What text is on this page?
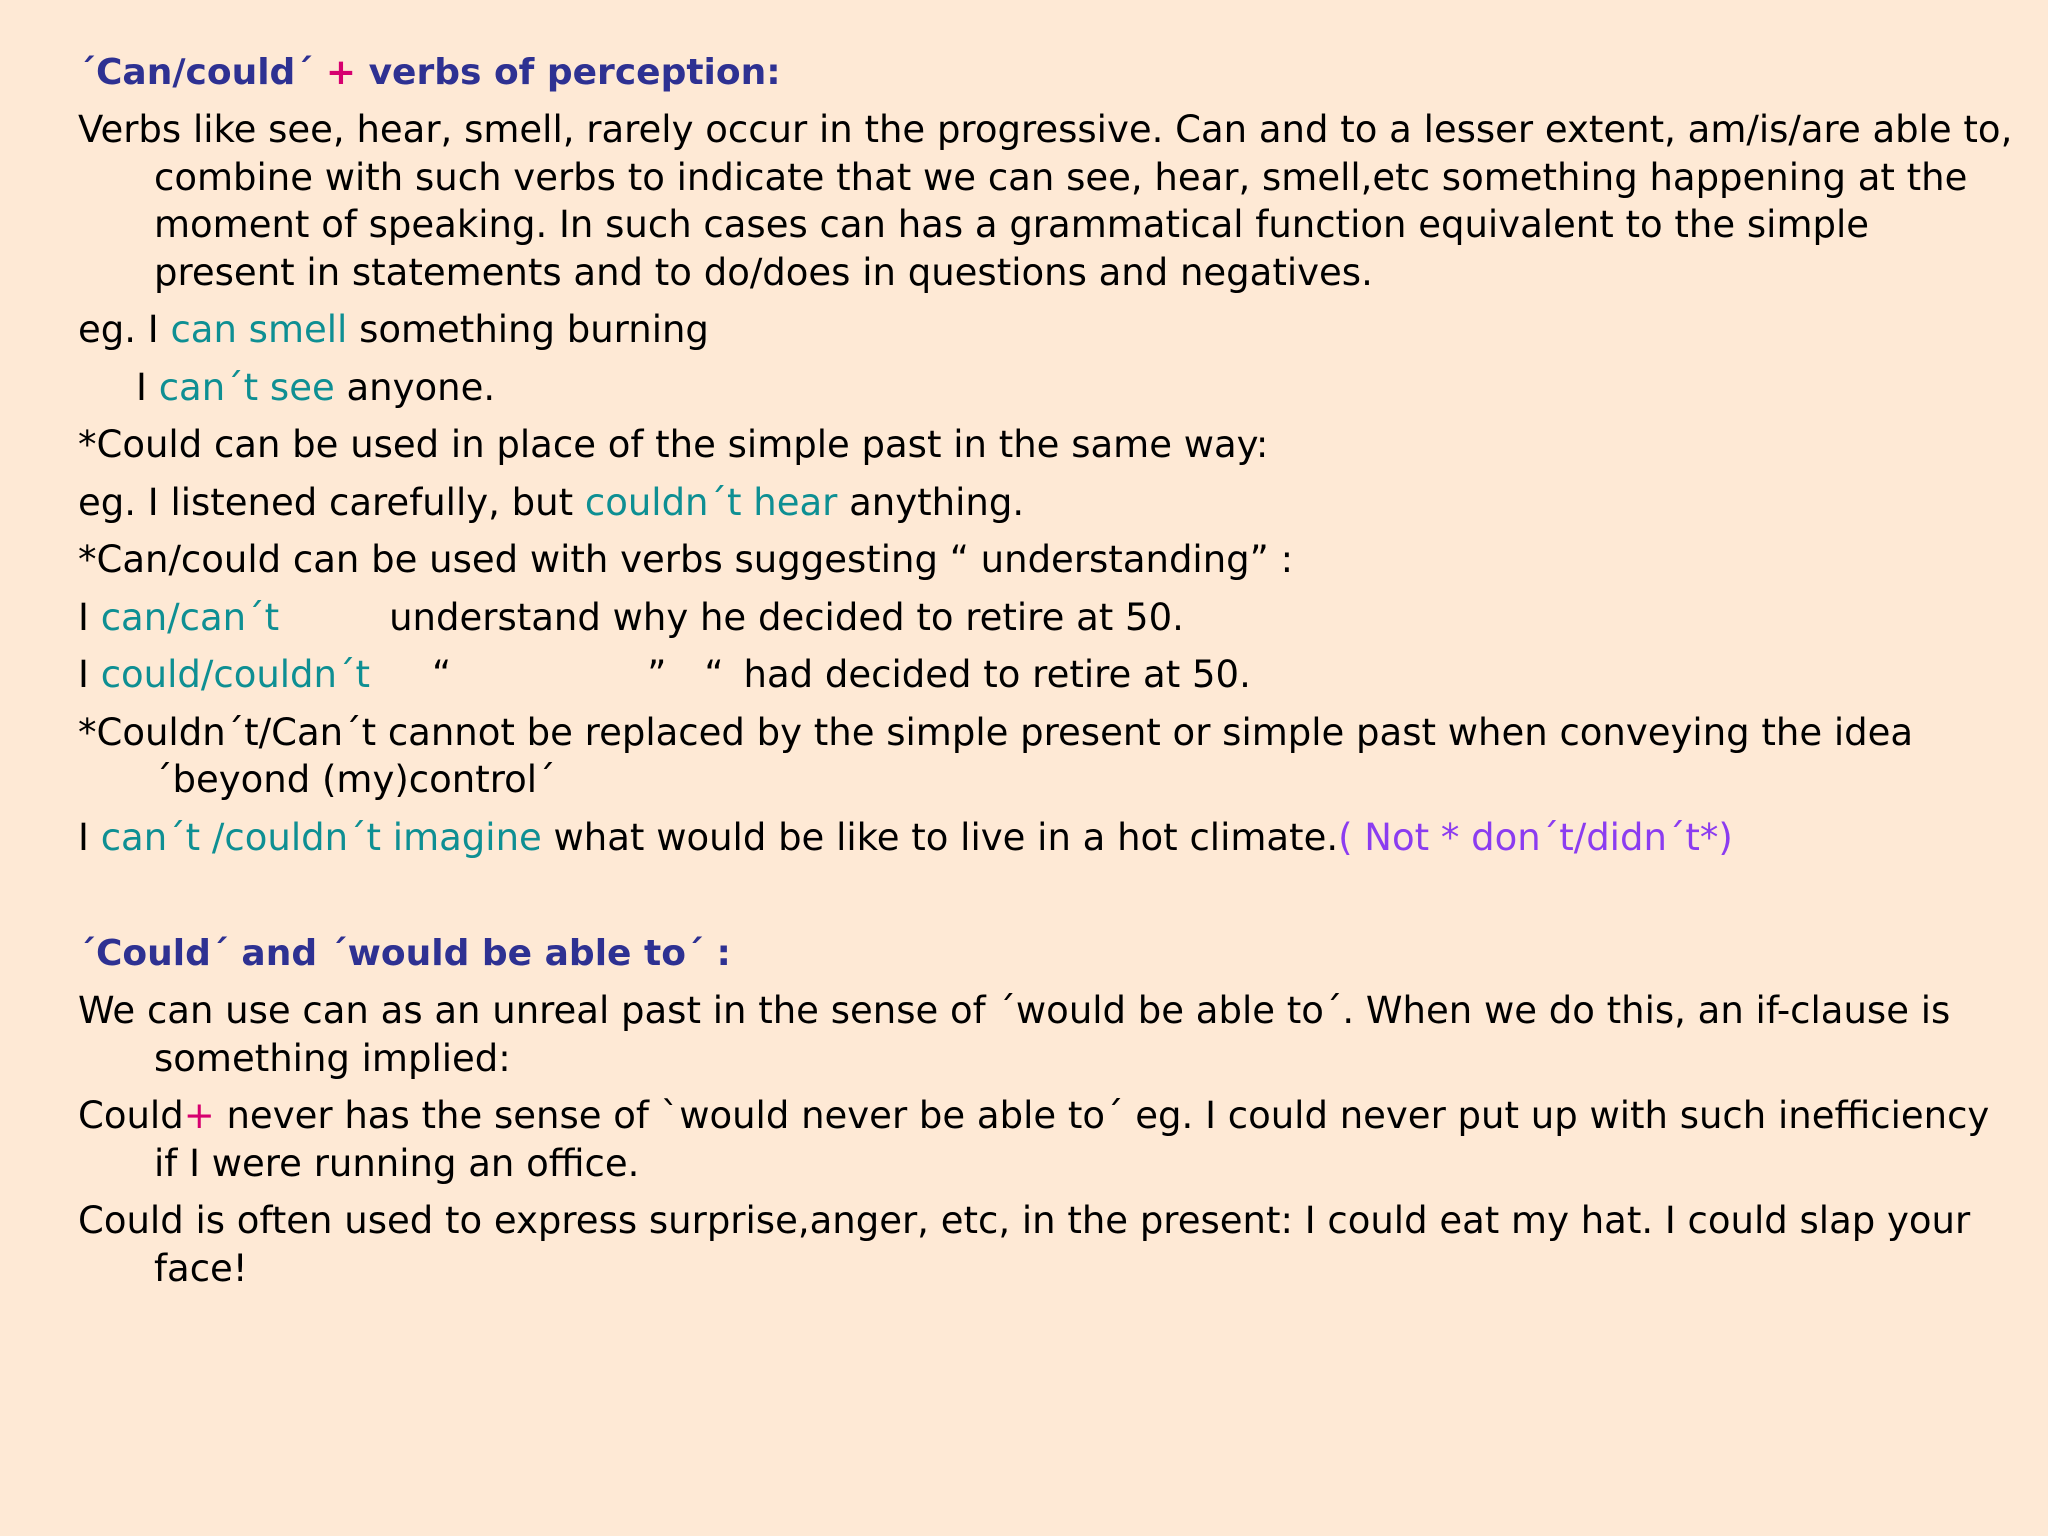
´Can/could´ + verbs of perception:
Verbs like see, hear, smell, rarely occur in the progressive. Can and to a lesser extent, am/is/are able to, combine with such verbs to indicate that we can see, hear, smell,etc something happening at the moment of speaking. In such cases can has a grammatical function equivalent to the simple present in statements and to do/does in questions and negatives.
eg. I can smell something burning
I can´t see anyone.
*Could can be used in place of the simple past in the same way:
eg. I listened carefully, but couldn´t hear anything.
*Can/could can be used with verbs suggesting “ understanding” :
I can/can´t	understand why he decided to retire at 50.
I could/couldn´t “	” “ had decided to retire at 50.
*Couldn´t/Can´t cannot be replaced by the simple present or simple past when conveying the idea ´beyond (my)control´
I can´t /couldn´t imagine what would be like to live in a hot climate.( Not * don´t/didn´t*)
´Could´ and ´would be able to´ :
We can use can as an unreal past in the sense of ´would be able to´. When we do this, an if-clause is something implied:
Could+ never has the sense of `would never be able to´ eg. I could never put up with such inefficiency if I were running an office.
Could is often used to express surprise,anger, etc, in the present: I could eat my hat. I could slap your face!
